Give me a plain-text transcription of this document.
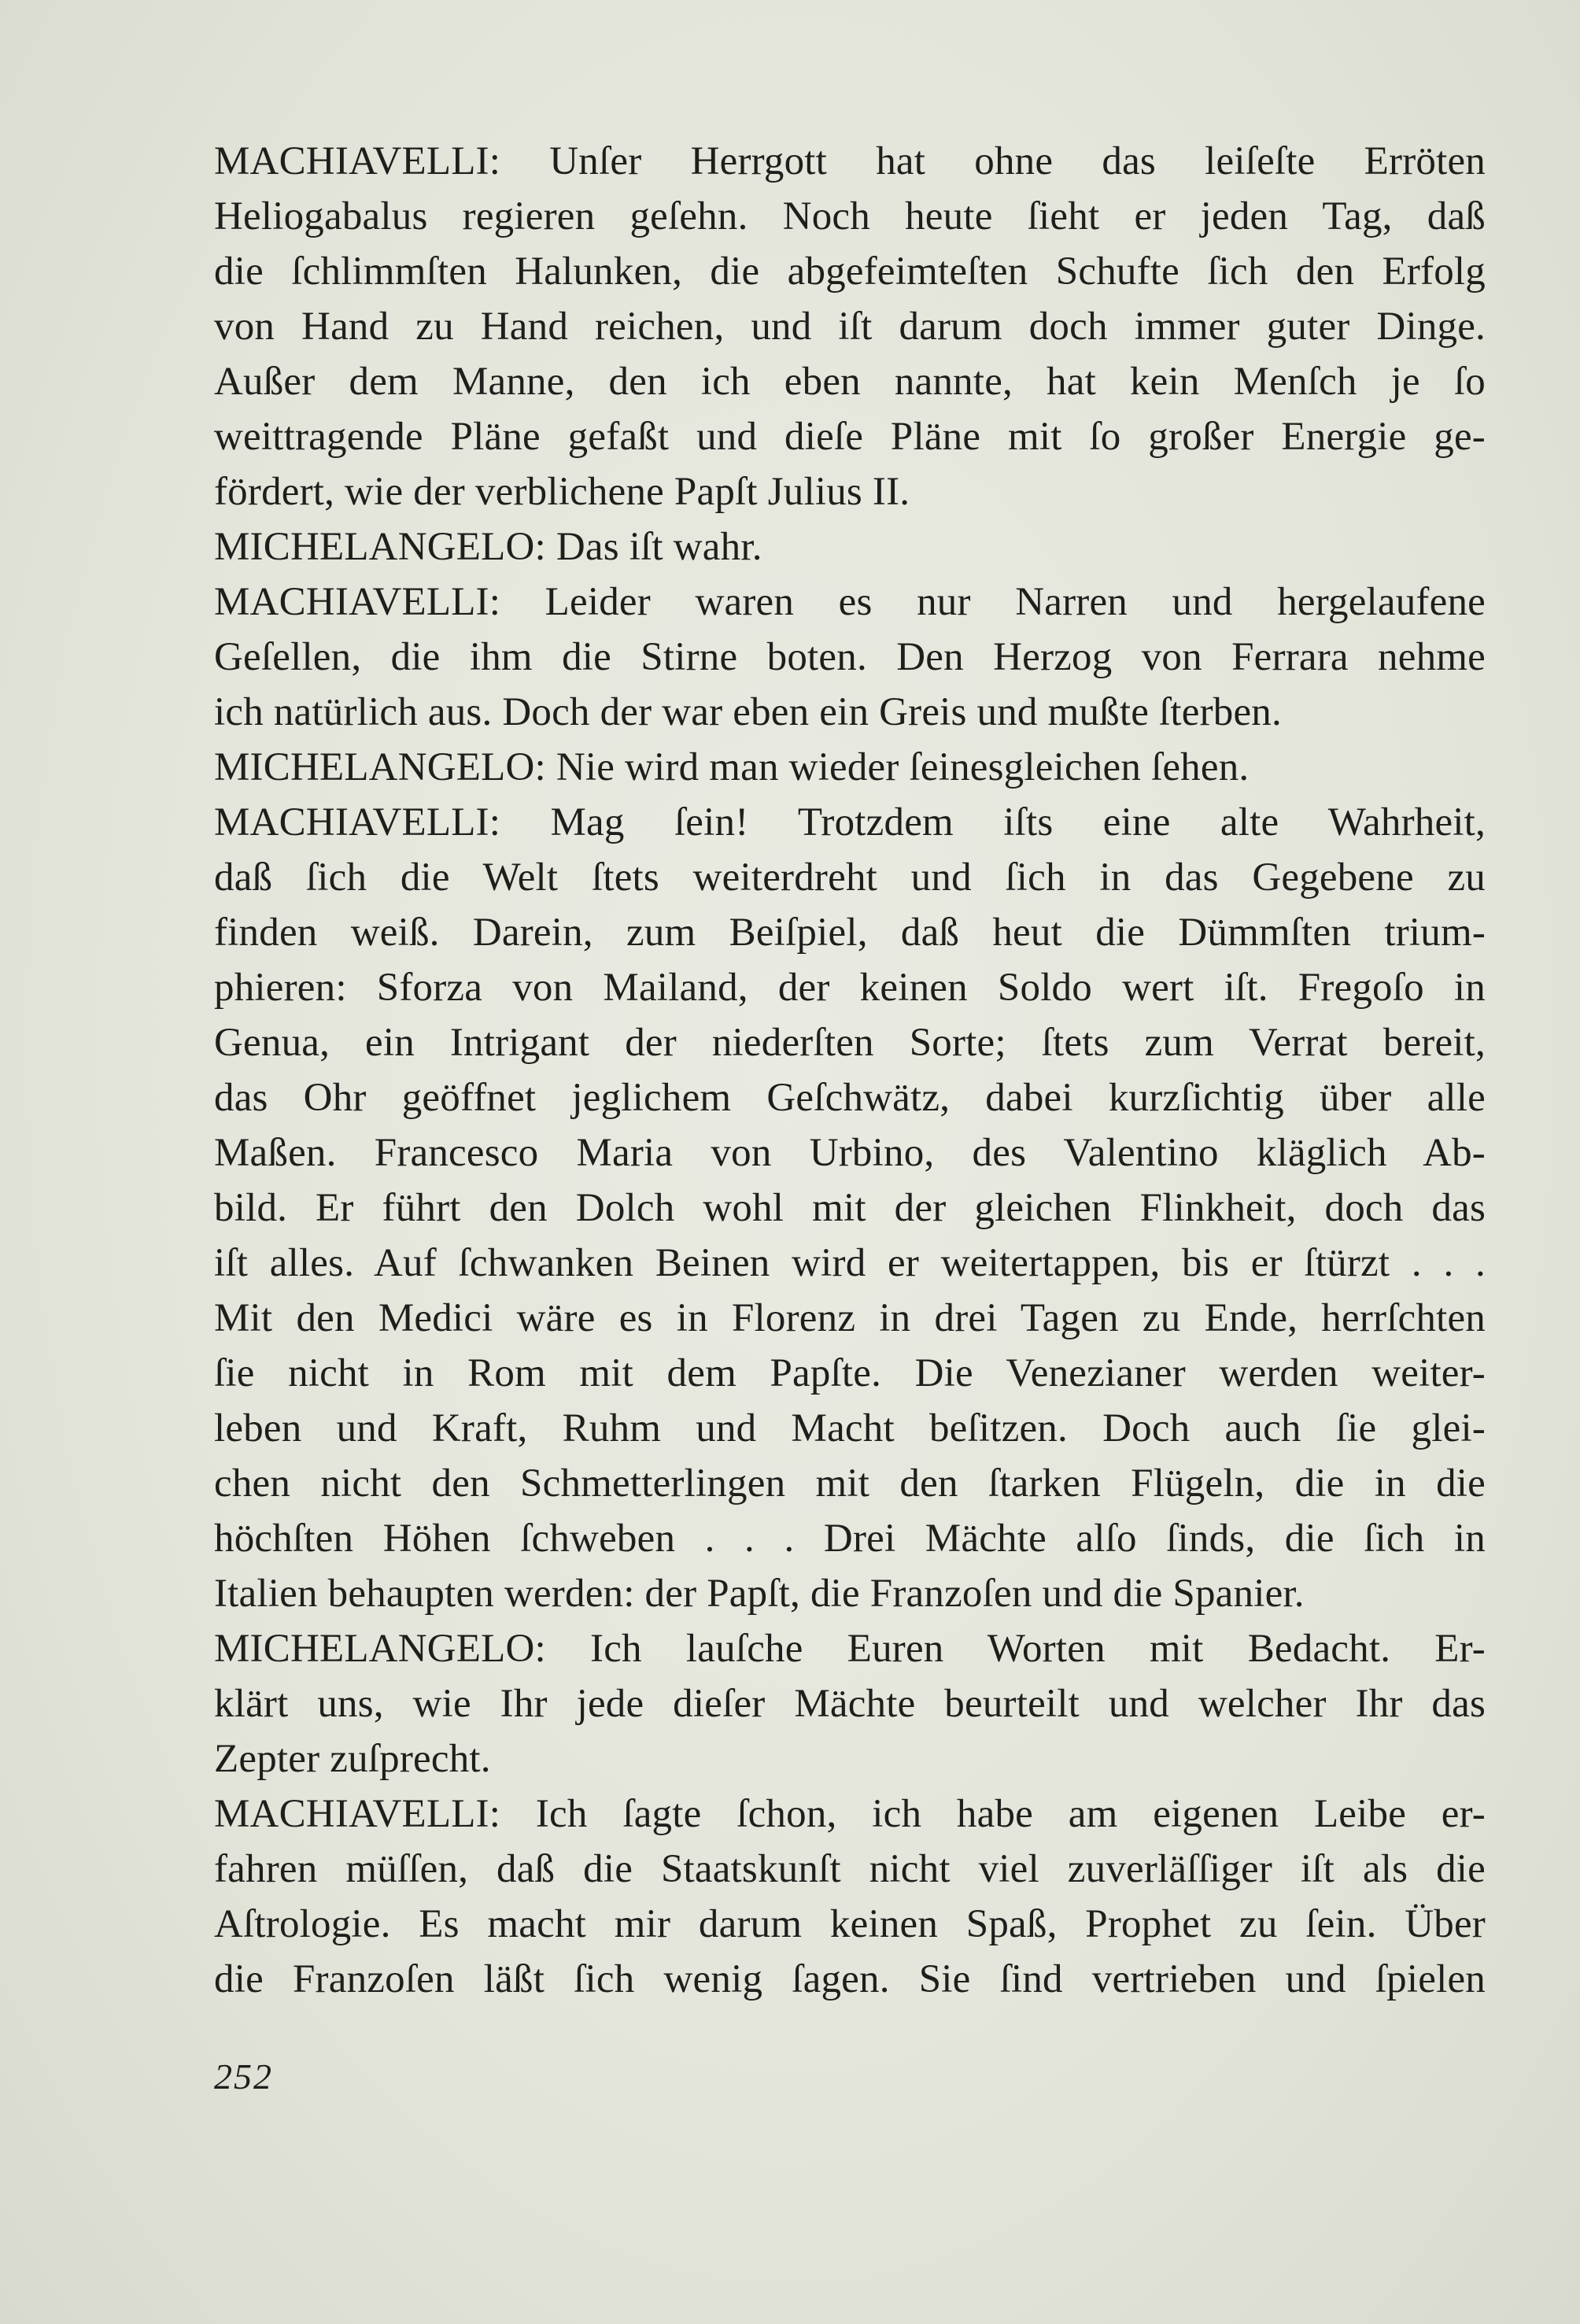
MACHIAVELLI: Unſer Herrgott hat ohne das leiſeſte Erröten
Heliogabalus regieren geſehn. Noch heute ſieht er jeden Tag, daß
die ſchlimmſten Halunken, die abgefeimteſten Schufte ſich den Erfolg
von Hand zu Hand reichen, und iſt darum doch immer guter Dinge.
Außer dem Manne, den ich eben nannte, hat kein Menſch je ſo
weittragende Pläne gefaßt und dieſe Pläne mit ſo großer Energie ge-
fördert, wie der verblichene Papſt Julius II.
MICHELANGELO: Das iſt wahr.
MACHIAVELLI: Leider waren es nur Narren und hergelaufene
Geſellen, die ihm die Stirne boten. Den Herzog von Ferrara nehme
ich natürlich aus. Doch der war eben ein Greis und mußte ſterben.
MICHELANGELO: Nie wird man wieder ſeinesgleichen ſehen.
MACHIAVELLI: Mag ſein! Trotzdem iſts eine alte Wahrheit,
daß ſich die Welt ſtets weiterdreht und ſich in das Gegebene zu
finden weiß. Darein, zum Beiſpiel, daß heut die Dümmſten trium-
phieren: Sforza von Mailand, der keinen Soldo wert iſt. Fregoſo in
Genua, ein Intrigant der niederſten Sorte; ſtets zum Verrat bereit,
das Ohr geöffnet jeglichem Geſchwätz, dabei kurzſichtig über alle
Maßen. Francesco Maria von Urbino, des Valentino kläglich Ab-
bild. Er führt den Dolch wohl mit der gleichen Flinkheit, doch das
iſt alles. Auf ſchwanken Beinen wird er weitertappen, bis er ſtürzt . . .
Mit den Medici wäre es in Florenz in drei Tagen zu Ende, herrſchten
ſie nicht in Rom mit dem Papſte. Die Venezianer werden weiter-
leben und Kraft, Ruhm und Macht beſitzen. Doch auch ſie glei-
chen nicht den Schmetterlingen mit den ſtarken Flügeln, die in die
höchſten Höhen ſchweben . . . Drei Mächte alſo ſinds, die ſich in
Italien behaupten werden: der Papſt, die Franzoſen und die Spanier.
MICHELANGELO: Ich lauſche Euren Worten mit Bedacht. Er-
klärt uns, wie Ihr jede dieſer Mächte beurteilt und welcher Ihr das
Zepter zuſprecht.
MACHIAVELLI: Ich ſagte ſchon, ich habe am eigenen Leibe er-
fahren müſſen, daß die Staatskunſt nicht viel zuverläſſiger iſt als die
Aſtrologie. Es macht mir darum keinen Spaß, Prophet zu ſein. Über
die Franzoſen läßt ſich wenig ſagen. Sie ſind vertrieben und ſpielen
252
